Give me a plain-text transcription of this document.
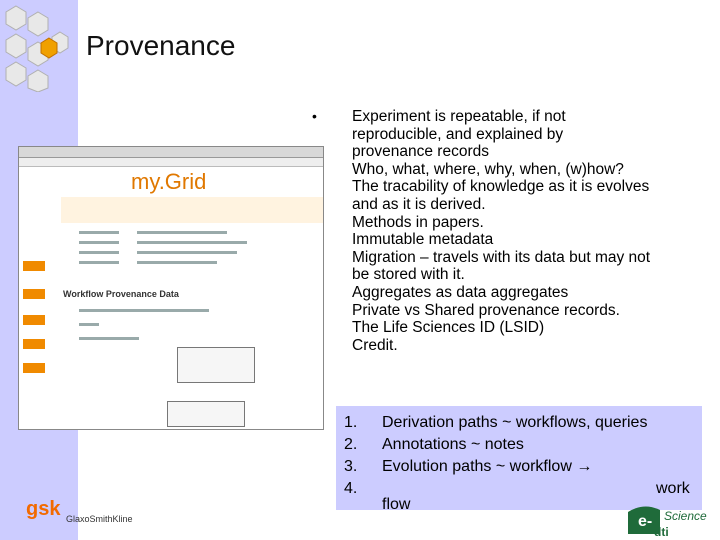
Provenance
my.Grid
Workflow Provenance Data
• Experiment is repeatable, if not
reproducible, and explained by
provenance records
Who, what, where, why, when, (w)how?
The tracability of knowledge as it is evolves
and as it is derived.
Methods in papers.
Immutable metadata
Migration – travels with its data but may not
be stored with it.
Aggregates as data aggregates
Private vs Shared provenance records.
The Life Sciences ID (LSID)
Credit.
1. Derivation paths ~ workflows, queries
2. Annotations ~ notes
3. Evolution paths ~ workflow →
4.	work
flow
gsk GlaxoSmithKline	e- Science
dti
